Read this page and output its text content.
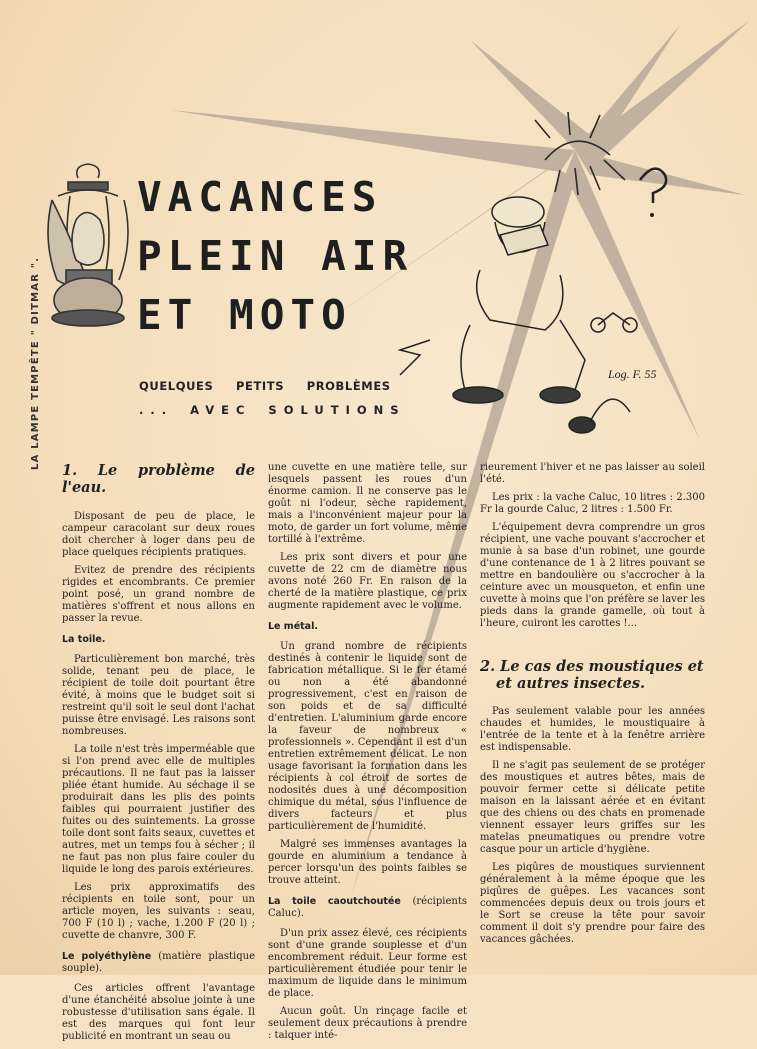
Log. F. 55
LA LAMPE TEMPÊTE " DITMAR ".
VACANCES
PLEIN AIR
ET MOTO
QUELQUES PETITS PROBLÈMES
... AVEC SOLUTIONS
1. Le problème de l'eau.

Disposant de peu de place, le campeur caracolant sur deux roues doit chercher à loger dans peu de place quelques récipients pratiques.

Evitez de prendre des récipients rigides et encombrants. Ce premier point posé, un grand nombre de matières s'offrent et nous allons en passer la revue.

La toile.

Particulièrement bon marché, très solide, tenant peu de place, le récipient de toile doit pourtant être évité, à moins que le budget soit si restreint qu'il soit le seul dont l'achat puisse être envisagé. Les raisons sont nombreuses.

La toile n'est très imperméable que si l'on prend avec elle de multiples précautions. Il ne faut pas la laisser pliée étant humide. Au séchage il se produirait dans les plis des points faibles qui pourraient justifier des fuites ou des suintements. La grosse toile dont sont faits seaux, cuvettes et autres, met un temps fou à sécher ; il ne faut pas non plus faire couler du liquide le long des parois extérieures.

Les prix approximatifs des récipients en toile sont, pour un article moyen, les suivants : seau, 700 F (10 l) ; vache, 1.200 F (20 l) ; cuvette de chanvre, 300 F.

Le polyéthylène (matière plastique souple).

Ces articles offrent l'avantage d'une étanchéité absolue jointe à une robustesse d'utilisation sans égale. Il est des marques qui font leur publicité en montrant un seau ou

une cuvette en une matière telle, sur lesquels passent les roues d'un énorme camion. Il ne conserve pas le goût ni l'odeur, sèche rapidement, mais a l'inconvénient majeur pour la moto, de garder un fort volume, même tortillé à l'extrême.

Les prix sont divers et pour une cuvette de 22 cm de diamètre nous avons noté 260 Fr. En raison de la cherté de la matière plastique, ce prix augmente rapidement avec le volume.

Le métal.

Un grand nombre de récipients destinés à contenir le liquide sont de fabrication métallique. Si le fer étamé ou non a été abandonné progressivement, c'est en raison de son poids et de sa difficulté d'entretien. L'aluminium garde encore la faveur de nombreux « professionnels ». Cependant il est d'un entretien extrêmement délicat. Le non usage favorisant la formation dans les récipients à col étroit de sortes de nodosités dues à une décomposition chimique du métal, sous l'influence de divers facteurs et plus particulièrement de l'humidité.

Malgré ses immenses avantages la gourde en aluminium a tendance à percer lorsqu'un des points faibles se trouve atteint.

La toile caoutchoutée (récipients Caluc).

D'un prix assez élevé, ces récipients sont d'une grande souplesse et d'un encombrement réduit. Leur forme est particulièrement étudiée pour tenir le maximum de liquide dans le minimum de place.

Aucun goût. Un rinçage facile et seulement deux précautions à prendre : talquer inté-

rieurement l'hiver et ne pas laisser au soleil l'été.

Les prix : la vache Caluc, 10 litres : 2.300 Fr la gourde Caluc, 2 litres : 1.500 Fr.

L'équipement devra comprendre un gros récipient, une vache pouvant s'accrocher et munie à sa base d'un robinet, une gourde d'une contenance de 1 à 2 litres pouvant se mettre en bandoulière ou s'accrocher à la ceinture avec un mousqueton, et enfin une cuvette à moins que l'on préfère se laver les pieds dans la grande gamelle, où tout à l'heure, cuiront les carottes !...

2. Le cas des moustiques et
et autres insectes.

Pas seulement valable pour les années chaudes et humides, le moustiquaire à l'entrée de la tente et à la fenêtre arrière est indispensable.

Il ne s'agit pas seulement de se protéger des moustiques et autres bêtes, mais de pouvoir fermer cette si délicate petite maison en la laissant aérée et en évitant que des chiens ou des chats en promenade viennent essayer leurs griffes sur les matelas pneumatiques ou prendre votre casque pour un article d'hygiène.

Les piqûres de moustiques surviennent généralement à la même époque que les piqûres de guêpes. Les vacances sont commencées depuis deux ou trois jours et le Sort se creuse la tête pour savoir comment il doit s'y prendre pour faire des vacances gâchées.
